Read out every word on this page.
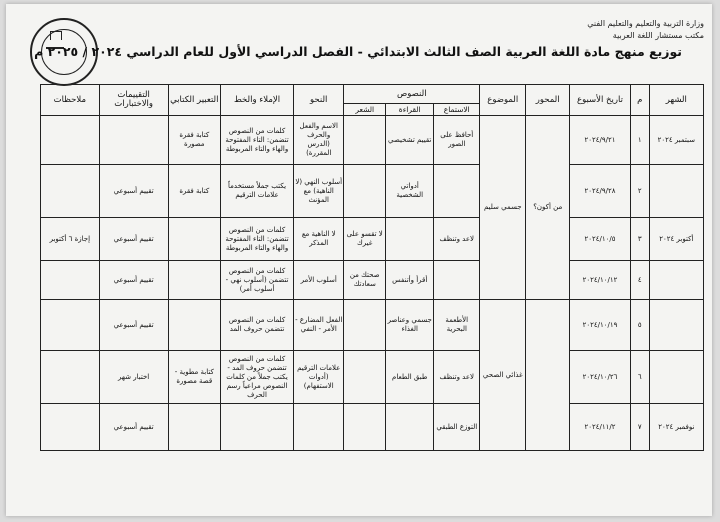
وزارة التربية والتعليم والتعليم الفني
مكتب مستشار اللغة العربية
توزيع منهج مادة اللغة العربية الصف الثالث الابتدائي - الفصل الدراسي الأول للعام الدراسي ٢٠٢٤ / ٢٠٢٥ م
الشهر	م	تاريخ الأسبوع	المحور	الموضوع	النصوص			النحو	الإملاء والخط	التعبير الكتابي	التقييمات والاختبارات	ملاحظات
					الاستماع	القراءة	الشعر					
سبتمبر ٢٠٢٤	١	٢٠٢٤/٩/٢١	من أكون؟	جسمي سليم	أحافظ على الصور	تقييم تشخيصي		الاسم والفعل والحرف (الدرس المقررة)	كلمات من النصوص تتضمن: التاء المفتوحة والهاء والتاء المربوطة	كتابة فقرة مصورة		
	٢	٢٠٢٤/٩/٢٨				أدواتي الشخصية		أسلوب النهي (لا الناهية) مع المؤنث	يكتب جملاً مستخدماً علامات الترقيم	كتابة فقرة	تقييم أسبوعي	
أكتوبر ٢٠٢٤	٣	٢٠٢٤/١٠/٥			لاعد وتنظف		لا تقسو على غيرك	لا الناهية مع المذكر	كلمات من النصوص تتضمن: التاء المفتوحة والهاء والتاء المربوطة		تقييم أسبوعي	إجازة ٦ أكتوبر
	٤	٢٠٢٤/١٠/١٢				أقرأ وأتنفس	صحتك من سعادتك	أسلوب الأمر	كلمات من النصوص تتضمن (أسلوب نهي - أسلوب أمر)		تقييم أسبوعي	
	٥	٢٠٢٤/١٠/١٩		غذائي الصحي	الأطعمة البحرية	جسمي وعناصر الغذاء		الفعل المضارع - الأمر - النفي	كلمات من النصوص تتضمن حروف المد		تقييم أسبوعي	
	٦	٢٠٢٤/١٠/٢٦			لاعد وتنظف	طبق الطعام		علامات الترقيم (أدوات الاستفهام)	كلمات من النصوص تتضمن حروف المد - يكتب جملاً من كلمات النصوص مراعياً رسم الحرف	كتابة مطوية - قصة مصورة	اختبار شهر	
نوفمبر ٢٠٢٤	٧	٢٠٢٤/١١/٢			التوزع الطبقي						تقييم أسبوعي	
